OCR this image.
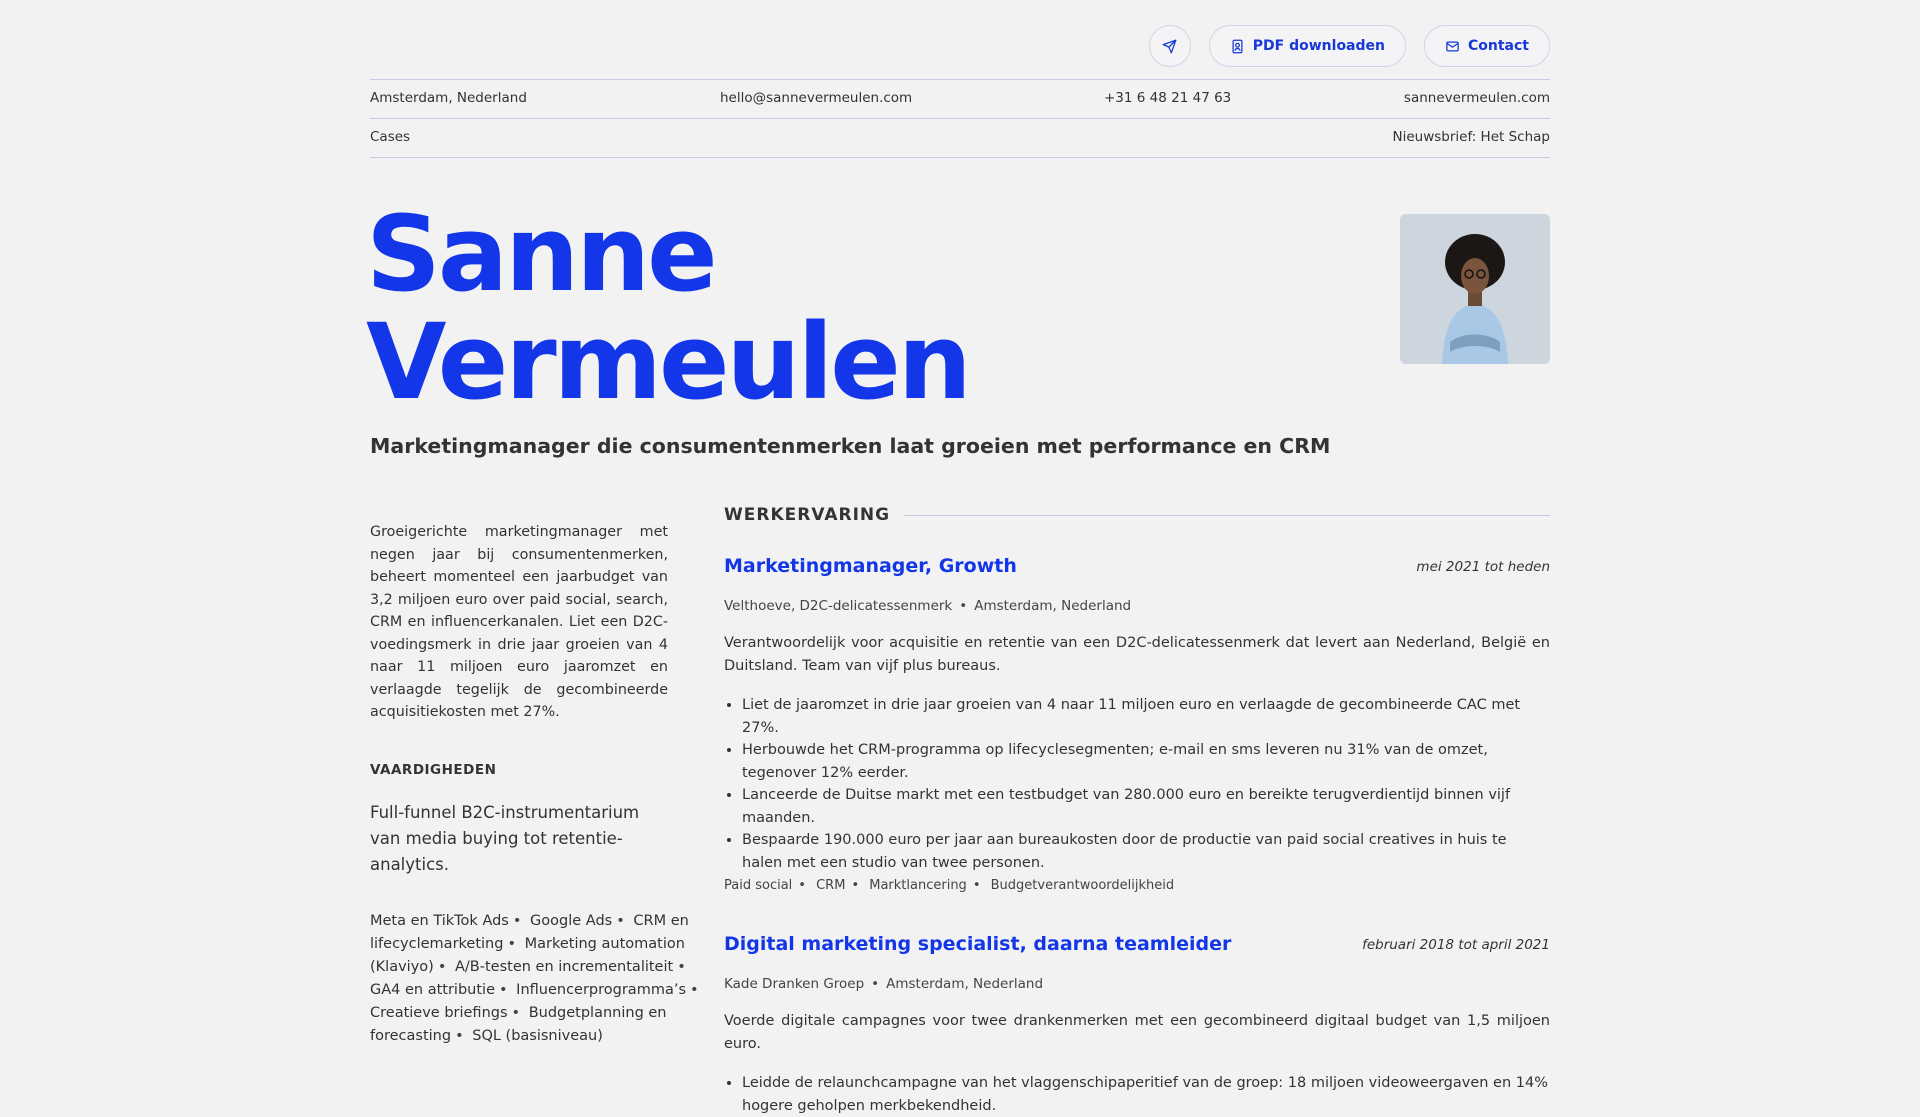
PDF downloaden	Contact
Amsterdam, Nederland	hello@sannevermeulen.com	+31 6 48 21 47 63	sannevermeulen.com
Cases	Nieuwsbrief: Het Schap
Sanne
Vermeulen

Marketingmanager die consumentenmerken laat groeien met performance en CRM

Groeigerichte marketingmanager met negen jaar bij consumentenmerken, beheert momenteel een jaarbudget van 3,2 miljoen euro over paid social, search, CRM en influencerkanalen. Liet een D2C-voedingsmerk in drie jaar groeien van 4 naar 11 miljoen euro jaaromzet en verlaagde tegelijk de gecombineerde acquisitiekosten met 27%.

VAARDIGHEDEN

Full-funnel B2C-instrumentarium van media buying tot retentie-analytics.

Meta en TikTok Ads • Google Ads • CRM en lifecyclemarketing • Marketing automation (Klaviyo) • A/B-testen en incrementaliteit • GA4 en attributie • Influencerprogramma’s • Creatieve briefings • Budgetplanning en forecasting • SQL (basisniveau)
WERKERVARING
Marketingmanager, Growth	mei 2021 tot heden
Velthoeve, D2C-delicatessenmerk • Amsterdam, Nederland
Verantwoordelijk voor acquisitie en retentie van een D2C-delicatessenmerk dat levert aan Nederland, België en Duitsland. Team van vijf plus bureaus.
• Liet de jaaromzet in drie jaar groeien van 4 naar 11 miljoen euro en verlaagde de gecombineerde CAC met 27%.
• Herbouwde het CRM-programma op lifecyclesegmenten; e-mail en sms leveren nu 31% van de omzet, tegenover 12% eerder.
• Lanceerde de Duitse markt met een testbudget van 280.000 euro en bereikte terugverdientijd binnen vijf maanden.
• Bespaarde 190.000 euro per jaar aan bureaukosten door de productie van paid social creatives in huis te halen met een studio van twee personen.
Paid social • CRM • Marktlancering • Budgetverantwoordelijkheid
Digital marketing specialist, daarna teamleider	februari 2018 tot april 2021
Kade Dranken Groep • Amsterdam, Nederland
Voerde digitale campagnes voor twee drankenmerken met een gecombineerd digitaal budget van 1,5 miljoen euro.
• Leidde de relaunchcampagne van het vlaggenschipaperitief van de groep: 18 miljoen videoweergaven en 14% hogere geholpen merkbekendheid.
